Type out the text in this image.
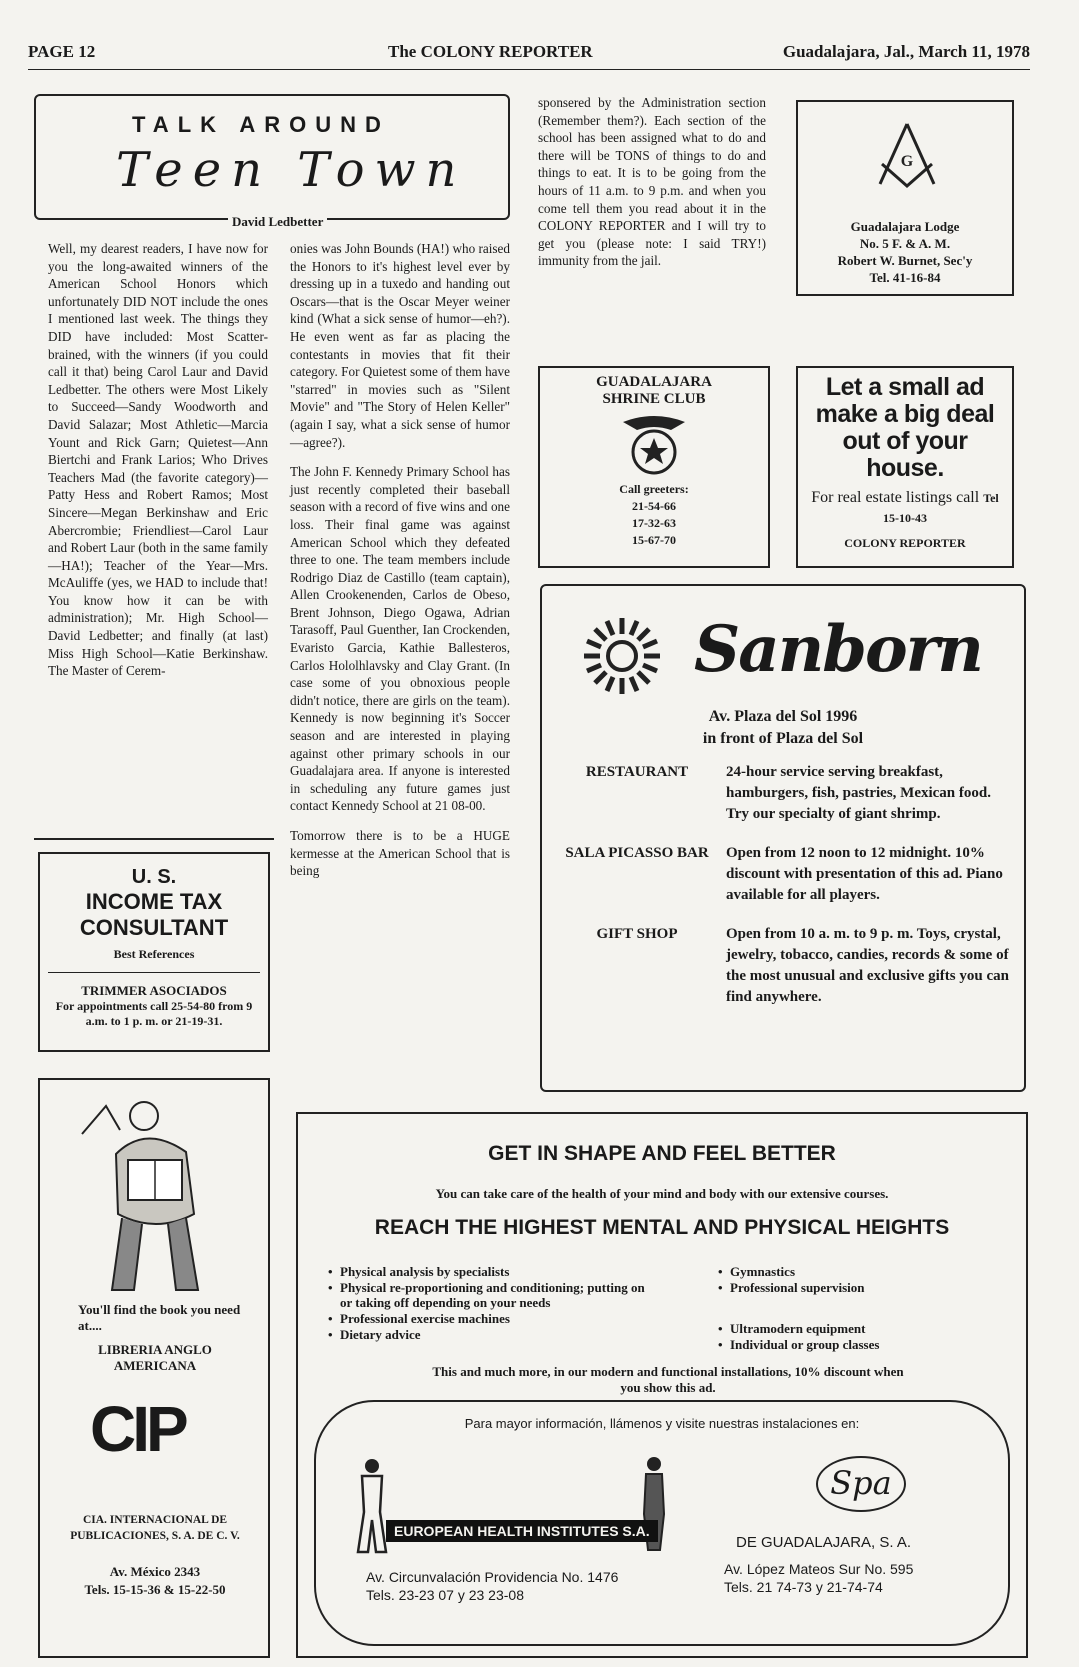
PAGE 12	The COLONY REPORTER	Guadalajara, Jal., March 11, 1978
TALK AROUND
Teen Town
David Ledbetter

Well, my dearest readers, I have now for you the long-awaited winners of the American School Honors which unfortunately DID NOT include the ones I mentioned last week. The things they DID have included: Most Scatter-brained, with the winners (if you could call it that) being Carol Laur and David Ledbetter. The others were Most Likely to Succeed—Sandy Woodworth and David Salazar; Most Athletic—Marcia Yount and Rick Garn; Quietest—Ann Biertchi and Frank Larios; Who Drives Teachers Mad (the favorite category)—Patty Hess and Robert Ramos; Most Sincere—Megan Berkinshaw and Eric Abercrombie; Friendliest—Carol Laur and Robert Laur (both in the same family—HA!); Teacher of the Year—Mrs. McAuliffe (yes, we HAD to include that! You know how it can be with administration); Mr. High School—David Ledbetter; and finally (at last) Miss High School—Katie Berkinshaw. The Master of Cerem-

onies was John Bounds (HA!) who raised the Honors to it's highest level ever by dressing up in a tuxedo and handing out Oscars—that is the Oscar Meyer weiner kind (What a sick sense of humor—eh?). He even went as far as placing the contestants in movies that fit their category. For Quietest some of them have "starred" in movies such as "Silent Movie" and "The Story of Helen Keller" (again I say, what a sick sense of humor—agree?).

The John F. Kennedy Primary School has just recently completed their baseball season with a record of five wins and one loss. Their final game was against American School which they defeated three to one. The team members include Rodrigo Diaz de Castillo (team captain), Allen Crookenenden, Carlos de Obeso, Brent Johnson, Diego Ogawa, Adrian Tarasoff, Paul Guenther, Ian Crockenden, Evaristo Garcia, Kathie Ballesteros, Carlos Hololhlavsky and Clay Grant. (In case some of you obnoxious people didn't notice, there are girls on the team). Kennedy is now beginning it's Soccer season and are interested in playing against other primary schools in our Guadalajara area. If anyone is interested in scheduling any future games just contact Kennedy School at 21 08-00.

Tomorrow there is to be a HUGE kermesse at the American School that is being

sponsered by the Administration section (Remember them?). Each section of the school has been assigned what to do and there will be TONS of things to do and things to eat. It is to be going from the hours of 11 a.m. to 9 p.m. and when you come tell them you read about it in the COLONY REPORTER and I will try to get you (please note: I said TRY!) immunity from the jail.

U. S.
INCOME TAX
CONSULTANT
Best References
TRIMMER ASOCIADOS
For appointments call 25-54-80 from 9 a.m. to 1 p. m. or 21-19-31.
You'll find the book you need at....
LIBRERIA ANGLO AMERICANA
CIP
CIA. INTERNACIONAL DE PUBLICACIONES, S. A. DE C. V.
Av. México 2343
Tels. 15-15-36 & 15-22-50
G
Guadalajara Lodge
No. 5 F. & A. M.
Robert W. Burnet, Sec'y
Tel. 41-16-84
GUADALAJARA
SHRINE CLUB
Call greeters:
21-54-66
17-32-63
15-67-70
Let a small ad make a big deal out of your house.
For real estate listings call Tel 15-10-43
COLONY REPORTER
Sanborn
Av. Plaza del Sol 1996
in front of Plaza del Sol
RESTAURANT	24-hour service serving breakfast, hamburgers, fish, pastries, Mexican food. Try our specialty of giant shrimp.
SALA PICASSO BAR	Open from 12 noon to 12 midnight. 10% discount with presentation of this ad. Piano available for all players.
GIFT SHOP	Open from 10 a. m. to 9 p. m. Toys, crystal, jewelry, tobacco, candies, records & some of the most unusual and exclusive gifts you can find anywhere.
GET IN SHAPE AND FEEL BETTER
You can take care of the health of your mind and body with our extensive courses.
REACH THE HIGHEST MENTAL AND PHYSICAL HEIGHTS
• Physical analysis by specialists
• Physical re-proportioning and conditioning; putting on or taking off depending on your needs
• Professional exercise machines
• Dietary advice
• Gymnastics
• Professional supervision
• Ultramodern equipment
• Individual or group classes
This and much more, in our modern and functional installations, 10% discount when you show this ad.
Para mayor información, llámenos y visite nuestras instalaciones en:
EUROPEAN HEALTH INSTITUTES S.A.
Av. Circunvalación Providencia No. 1476
Tels. 23-23 07 y 23 23-08
Spa
DE GUADALAJARA, S. A.
Av. López Mateos Sur No. 595
Tels. 21 74-73 y 21-74-74
